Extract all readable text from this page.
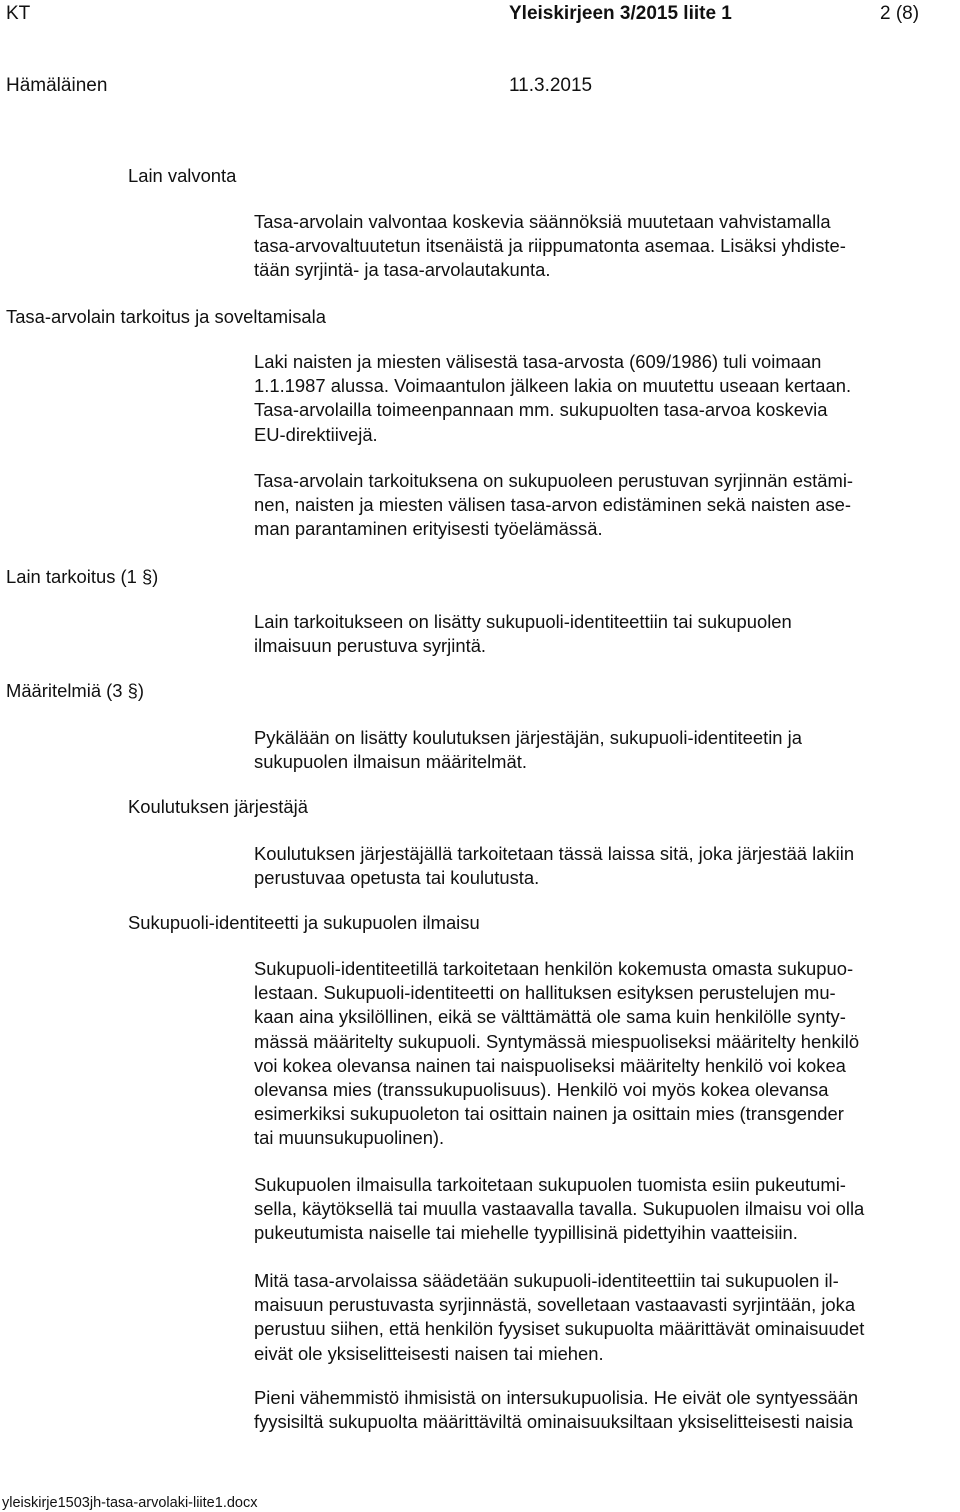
KT	Yleiskirjeen 3/2015 liite 1	2 (8)
Hämäläinen	11.3.2015
Lain valvonta
Tasa-arvolain tarkoitus ja soveltamisala
Lain tarkoitus (1 §)
Määritelmiä (3 §)
Koulutuksen järjestäjä
Sukupuoli-identiteetti ja sukupuolen ilmaisu
Tasa-arvolain valvontaa koskevia säännöksiä muutetaan vahvistamalla
tasa-arvovaltuutetun itsenäistä ja riippumatonta asemaa. Lisäksi yhdiste-
tään syrjintä- ja tasa-arvolautakunta.
Laki naisten ja miesten välisestä tasa-arvosta (609/1986) tuli voimaan
1.1.1987 alussa. Voimaantulon jälkeen lakia on muutettu useaan kertaan.
Tasa-arvolailla toimeenpannaan mm. sukupuolten tasa-arvoa koskevia
EU-direktiivejä.
Tasa-arvolain tarkoituksena on sukupuoleen perustuvan syrjinnän estämi-
nen, naisten ja miesten välisen tasa-arvon edistäminen sekä naisten ase-
man parantaminen erityisesti työelämässä.
Lain tarkoitukseen on lisätty sukupuoli-identiteettiin tai sukupuolen
ilmaisuun perustuva syrjintä.
Pykälään on lisätty koulutuksen järjestäjän, sukupuoli-identiteetin ja
sukupuolen ilmaisun määritelmät.
Koulutuksen järjestäjällä tarkoitetaan tässä laissa sitä, joka järjestää lakiin
perustuvaa opetusta tai koulutusta.
Sukupuoli-identiteetillä tarkoitetaan henkilön kokemusta omasta sukupuo-
lestaan. Sukupuoli-identiteetti on hallituksen esityksen perustelujen mu-
kaan aina yksilöllinen, eikä se välttämättä ole sama kuin henkilölle synty-
mässä määritelty sukupuoli. Syntymässä miespuoliseksi määritelty henkilö
voi kokea olevansa nainen tai naispuoliseksi määritelty henkilö voi kokea
olevansa mies (transsukupuolisuus). Henkilö voi myös kokea olevansa
esimerkiksi sukupuoleton tai osittain nainen ja osittain mies (transgender
tai muunsukupuolinen).
Sukupuolen ilmaisulla tarkoitetaan sukupuolen tuomista esiin pukeutumi-
sella, käytöksellä tai muulla vastaavalla tavalla. Sukupuolen ilmaisu voi olla
pukeutumista naiselle tai miehelle tyypillisinä pidettyihin vaatteisiin.
Mitä tasa-arvolaissa säädetään sukupuoli-identiteettiin tai sukupuolen il-
maisuun perustuvasta syrjinnästä, sovelletaan vastaavasti syrjintään, joka
perustuu siihen, että henkilön fyysiset sukupuolta määrittävät ominaisuudet
eivät ole yksiselitteisesti naisen tai miehen.
Pieni vähemmistö ihmisistä on intersukupuolisia. He eivät ole syntyessään
fyysisiltä sukupuolta määrittäviltä ominaisuuksiltaan yksiselitteisesti naisia
yleiskirje1503jh-tasa-arvolaki-liite1.docx
